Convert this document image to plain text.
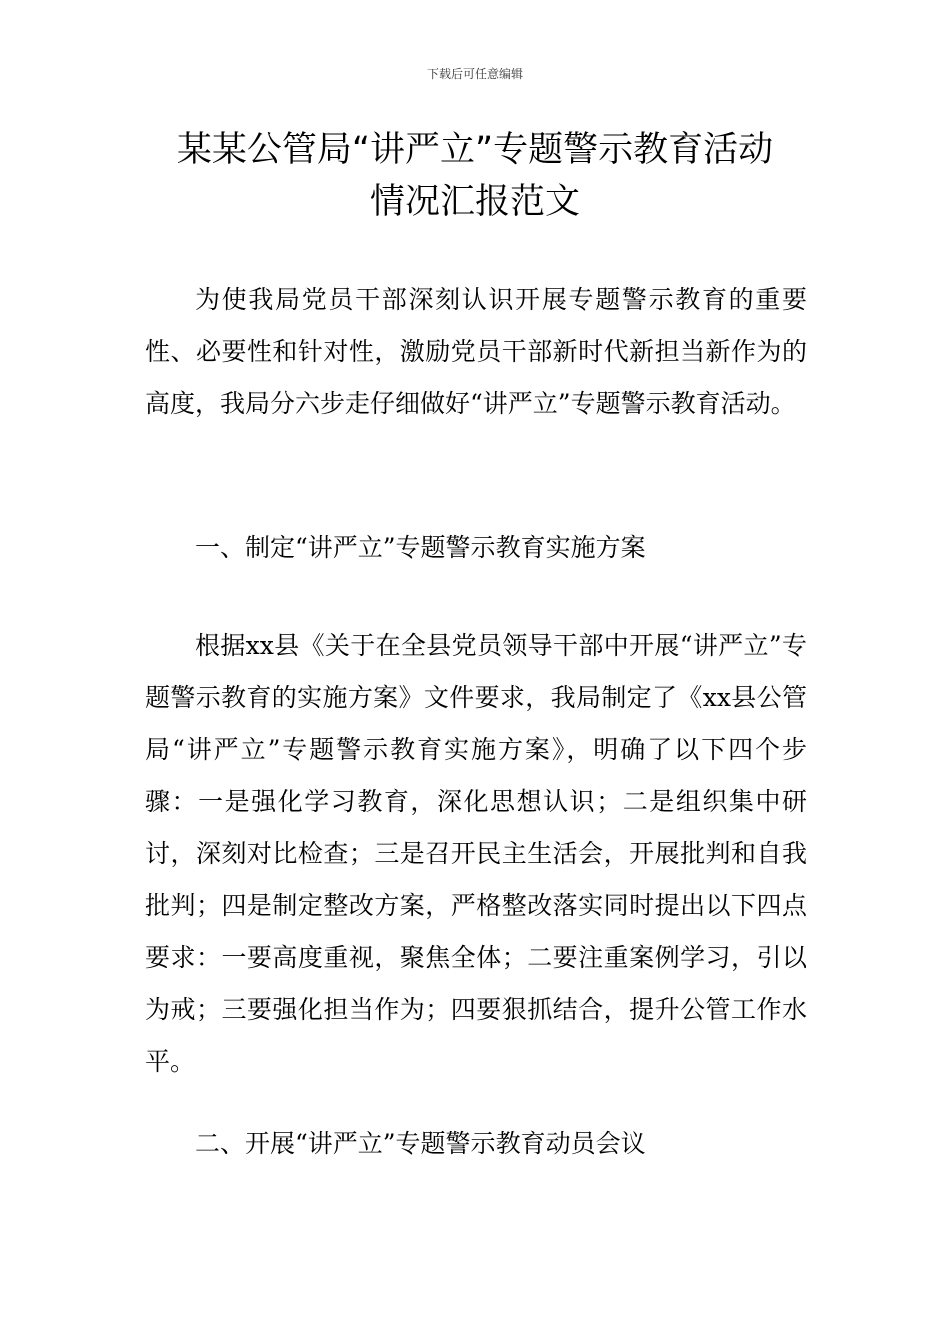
下载后可任意编辑
某某公管局“讲严立”专题警示教育活动
情况汇报范文

为使我局党员干部深刻认识开展专题警示教育的重要性、必要性和针对性，激励党员干部新时代新担当新作为的高度，我局分六步走仔细做好“讲严立”专题警示教育活动。

一、制定“讲严立”专题警示教育实施方案

根据xx县《关于在全县党员领导干部中开展“讲严立”专题警示教育的实施方案》文件要求，我局制定了《xx县公管局“讲严立”专题警示教育实施方案》，明确了以下四个步骤：一是强化学习教育，深化思想认识；二是组织集中研讨，深刻对比检查；三是召开民主生活会，开展批判和自我批判；四是制定整改方案，严格整改落实同时提出以下四点要求：一要高度重视，聚焦全体；二要注重案例学习，引以为戒；三要强化担当作为；四要狠抓结合，提升公管工作水平。

二、开展“讲严立”专题警示教育动员会议
